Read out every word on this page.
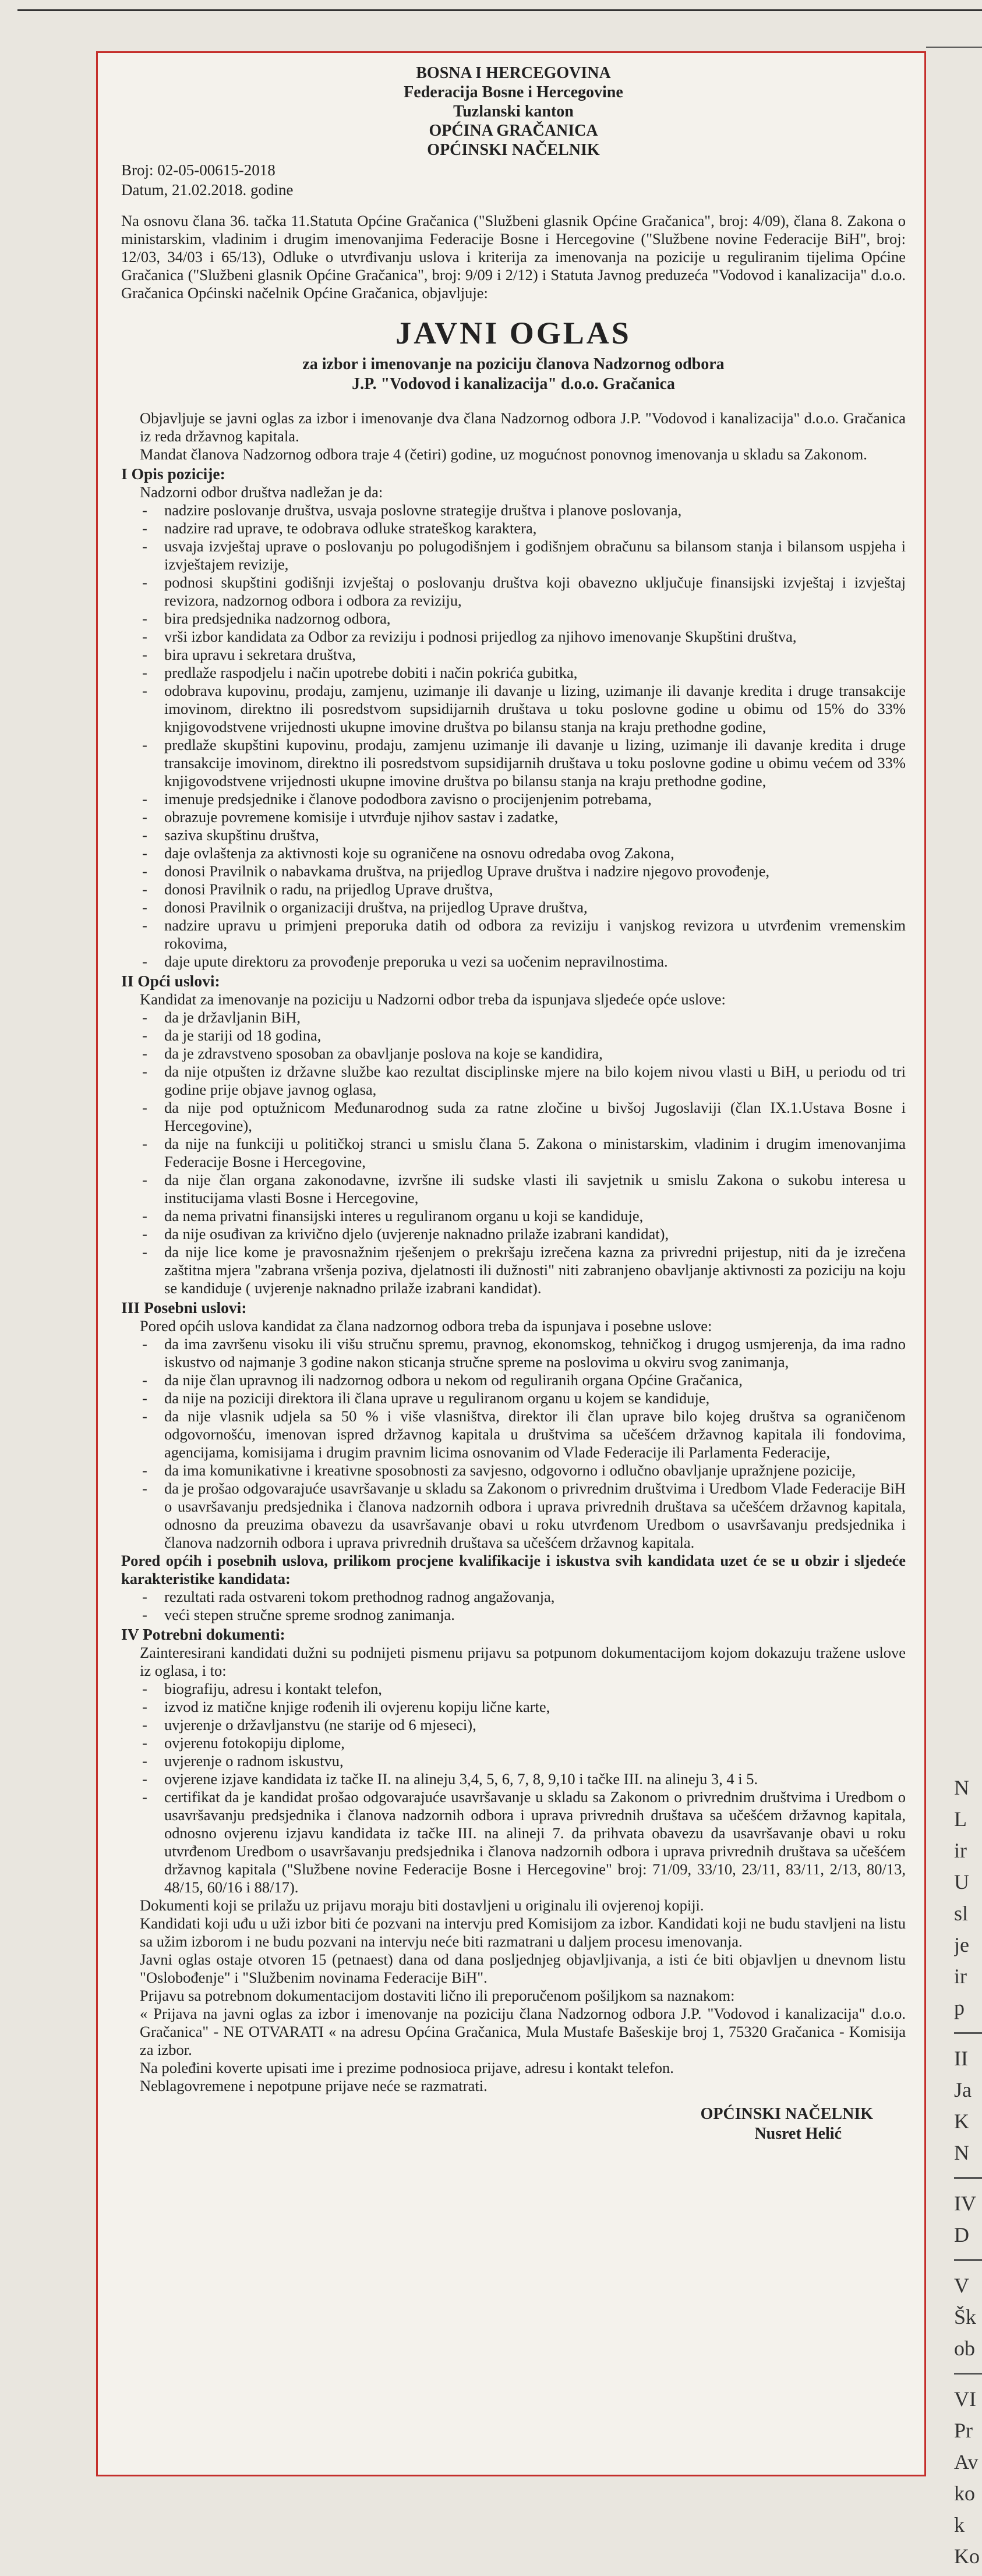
BOSNA I HERCEGOVINA
Federacija Bosne i Hercegovine
Tuzlanski kanton
OPĆINA GRAČANICA
OPĆINSKI NAČELNIK
Broj: 02-05-00615-2018
Datum, 21.02.2018. godine

Na osnovu člana 36. tačka 11.Statuta Općine Gračanica ("Službeni glasnik Općine Gračanica", broj: 4/09), člana 8. Zakona o ministarskim, vladinim i drugim imenovanjima Federacije Bosne i Hercegovine ("Službene novine Federacije BiH", broj: 12/03, 34/03 i 65/13), Odluke o utvrđivanju uslova i kriterija za imenovanja na pozicije u reguliranim tijelima Općine Gračanica ("Službeni glasnik Općine Gračanica", broj: 9/09 i 2/12) i Statuta Javnog preduzeća "Vodovod i kanalizacija" d.o.o. Gračanica Općinski načelnik Općine Gračanica, objavljuje:

JAVNI OGLAS
za izbor i imenovanje na poziciju članova Nadzornog odbora
J.P. "Vodovod i kanalizacija" d.o.o. Gračanica

Objavljuje se javni oglas za izbor i imenovanje dva člana Nadzornog odbora J.P. "Vodovod i kanalizacija" d.o.o. Gračanica iz reda državnog kapitala.

Mandat članova Nadzornog odbora traje 4 (četiri) godine, uz mogućnost ponovnog imenovanja u skladu sa Zakonom.

I Opis pozicije:

Nadzorni odbor društva nadležan je da:

- nadzire poslovanje društva, usvaja poslovne strategije društva i planove poslovanja,
- nadzire rad uprave, te odobrava odluke strateškog karaktera,
- usvaja izvještaj uprave o poslovanju po polugodišnjem i godišnjem obračunu sa bilansom stanja i bilansom uspjeha i izvještajem revizije,
- podnosi skupštini godišnji izvještaj o poslovanju društva koji obavezno uključuje finansijski izvještaj i izvještaj revizora, nadzornog odbora i odbora za reviziju,
- bira predsjednika nadzornog odbora,
- vrši izbor kandidata za Odbor za reviziju i podnosi prijedlog za njihovo imenovanje Skupštini društva,
- bira upravu i sekretara društva,
- predlaže raspodjelu i način upotrebe dobiti i način pokrića gubitka,
- odobrava kupovinu, prodaju, zamjenu, uzimanje ili davanje u lizing, uzimanje ili davanje kredita i druge transakcije imovinom, direktno ili posredstvom supsidijarnih društava u toku poslovne godine u obimu od 15% do 33% knjigovodstvene vrijednosti ukupne imovine društva po bilansu stanja na kraju prethodne godine,
- predlaže skupštini kupovinu, prodaju, zamjenu uzimanje ili davanje u lizing, uzimanje ili davanje kredita i druge transakcije imovinom, direktno ili posredstvom supsidijarnih društava u toku poslovne godine u obimu većem od 33% knjigovodstvene vrijednosti ukupne imovine društva po bilansu stanja na kraju prethodne godine,
- imenuje predsjednike i članove pododbora zavisno o procijenjenim potrebama,
- obrazuje povremene komisije i utvrđuje njihov sastav i zadatke,
- saziva skupštinu društva,
- daje ovlaštenja za aktivnosti koje su ograničene na osnovu odredaba ovog Zakona,
- donosi Pravilnik o nabavkama društva, na prijedlog Uprave društva i nadzire njegovo provođenje,
- donosi Pravilnik o radu, na prijedlog Uprave društva,
- donosi Pravilnik o organizaciji društva, na prijedlog Uprave društva,
- nadzire upravu u primjeni preporuka datih od odbora za reviziju i vanjskog revizora u utvrđenim vremenskim rokovima,
- daje upute direktoru za provođenje preporuka u vezi sa uočenim nepravilnostima.
II Opći uslovi:

Kandidat za imenovanje na poziciju u Nadzorni odbor treba da ispunjava sljedeće opće uslove:

- da je državljanin BiH,
- da je stariji od 18 godina,
- da je zdravstveno sposoban za obavljanje poslova na koje se kandidira,
- da nije otpušten iz državne službe kao rezultat disciplinske mjere na bilo kojem nivou vlasti u BiH, u periodu od tri godine prije objave javnog oglasa,
- da nije pod optužnicom Međunarodnog suda za ratne zločine u bivšoj Jugoslaviji (član IX.1.Ustava Bosne i Hercegovine),
- da nije na funkciji u političkoj stranci u smislu člana 5. Zakona o ministarskim, vladinim i drugim imenovanjima Federacije Bosne i Hercegovine,
- da nije član organa zakonodavne, izvršne ili sudske vlasti ili savjetnik u smislu Zakona o sukobu interesa u institucijama vlasti Bosne i Hercegovine,
- da nema privatni finansijski interes u reguliranom organu u koji se kandiduje,
- da nije osuđivan za krivično djelo (uvjerenje naknadno prilaže izabrani kandidat),
- da nije lice kome je pravosnažnim rješenjem o prekršaju izrečena kazna za privredni prijestup, niti da je izrečena zaštitna mjera "zabrana vršenja poziva, djelatnosti ili dužnosti" niti zabranjeno obavljanje aktivnosti za poziciju na koju se kandiduje ( uvjerenje naknadno prilaže izabrani kandidat).
III Posebni uslovi:

Pored općih uslova kandidat za člana nadzornog odbora treba da ispunjava i posebne uslove:

- da ima završenu visoku ili višu stručnu spremu, pravnog, ekonomskog, tehničkog i drugog usmjerenja, da ima radno iskustvo od najmanje 3 godine nakon sticanja stručne spreme na poslovima u okviru svog zanimanja,
- da nije član upravnog ili nadzornog odbora u nekom od reguliranih organa Općine Gračanica,
- da nije na poziciji direktora ili člana uprave u reguliranom organu u kojem se kandiduje,
- da nije vlasnik udjela sa 50 % i više vlasništva, direktor ili član uprave bilo kojeg društva sa ograničenom odgovornošću, imenovan ispred državnog kapitala u društvima sa učešćem državnog kapitala ili fondovima, agencijama, komisijama i drugim pravnim licima osnovanim od Vlade Federacije ili Parlamenta Federacije,
- da ima komunikativne i kreativne sposobnosti za savjesno, odgovorno i odlučno obavljanje upražnjene pozicije,
- da je prošao odgovarajuće usavršavanje u skladu sa Zakonom o privrednim društvima i Uredbom Vlade Federacije BiH o usavršavanju predsjednika i članova nadzornih odbora i uprava privrednih društava sa učešćem državnog kapitala, odnosno da preuzima obavezu da usavršavanje obavi u roku utvrđenom Uredbom o usavršavanju predsjednika i članova nadzornih odbora i uprava privrednih društava sa učešćem državnog kapitala.

Pored općih i posebnih uslova, prilikom procjene kvalifikacije i iskustva svih kandidata uzet će se u obzir i sljedeće karakteristike kandidata:

- rezultati rada ostvareni tokom prethodnog radnog angažovanja,
- veći stepen stručne spreme srodnog zanimanja.
IV Potrebni dokumenti:

Zainteresirani kandidati dužni su podnijeti pismenu prijavu sa potpunom dokumentacijom kojom dokazuju tražene uslove iz oglasa, i to:

- biografiju, adresu i kontakt telefon,
- izvod iz matične knjige rođenih ili ovjerenu kopiju lične karte,
- uvjerenje o državljanstvu (ne starije od 6 mjeseci),
- ovjerenu fotokopiju diplome,
- uvjerenje o radnom iskustvu,
- ovjerene izjave kandidata iz tačke II. na alineju 3,4, 5, 6, 7, 8, 9,10 i tačke III. na alineju 3, 4 i 5.
- certifikat da je kandidat prošao odgovarajuće usavršavanje u skladu sa Zakonom o privrednim društvima i Uredbom o usavršavanju predsjednika i članova nadzornih odbora i uprava privrednih društava sa učešćem državnog kapitala, odnosno ovjerenu izjavu kandidata iz tačke III. na alineji 7. da prihvata obavezu da usavršavanje obavi u roku utvrđenom Uredbom o usavršavanju predsjednika i članova nadzornih odbora i uprava privrednih društava sa učešćem državnog kapitala ("Službene novine Federacije Bosne i Hercegovine" broj: 71/09, 33/10, 23/11, 83/11, 2/13, 80/13, 48/15, 60/16 i 88/17).

Dokumenti koji se prilažu uz prijavu moraju biti dostavljeni u originalu ili ovjerenoj kopiji.

Kandidati koji uđu u uži izbor biti će pozvani na intervju pred Komisijom za izbor. Kandidati koji ne budu stavljeni na listu sa užim izborom i ne budu pozvani na intervju neće biti razmatrani u daljem procesu imenovanja.

Javni oglas ostaje otvoren 15 (petnaest) dana od dana posljednjeg objavljivanja, a isti će biti objavljen u dnevnom listu "Oslobođenje" i "Službenim novinama Federacije BiH".

Prijavu sa potrebnom dokumentacijom dostaviti lično ili preporučenom pošiljkom sa naznakom:

« Prijava na javni oglas za izbor i imenovanje na poziciju člana Nadzornog odbora J.P. "Vodovod i kanalizacija" d.o.o. Gračanica" - NE OTVARATI « na adresu Općina Gračanica, Mula Mustafe Bašeskije broj 1, 75320 Gračanica - Komisija za izbor.

Na poleđini koverte upisati ime i prezime podnosioca prijave, adresu i kontakt telefon.

Neblagovremene i nepotpune prijave neće se razmatrati.

OPĆINSKI NAČELNIK
Nusret Helić
N
L
ir
U
sl
je
ir
p
II
Ja
K
N
IV
D
V
Šk
ob
VI
Pr
Av
ko
k
Ko
